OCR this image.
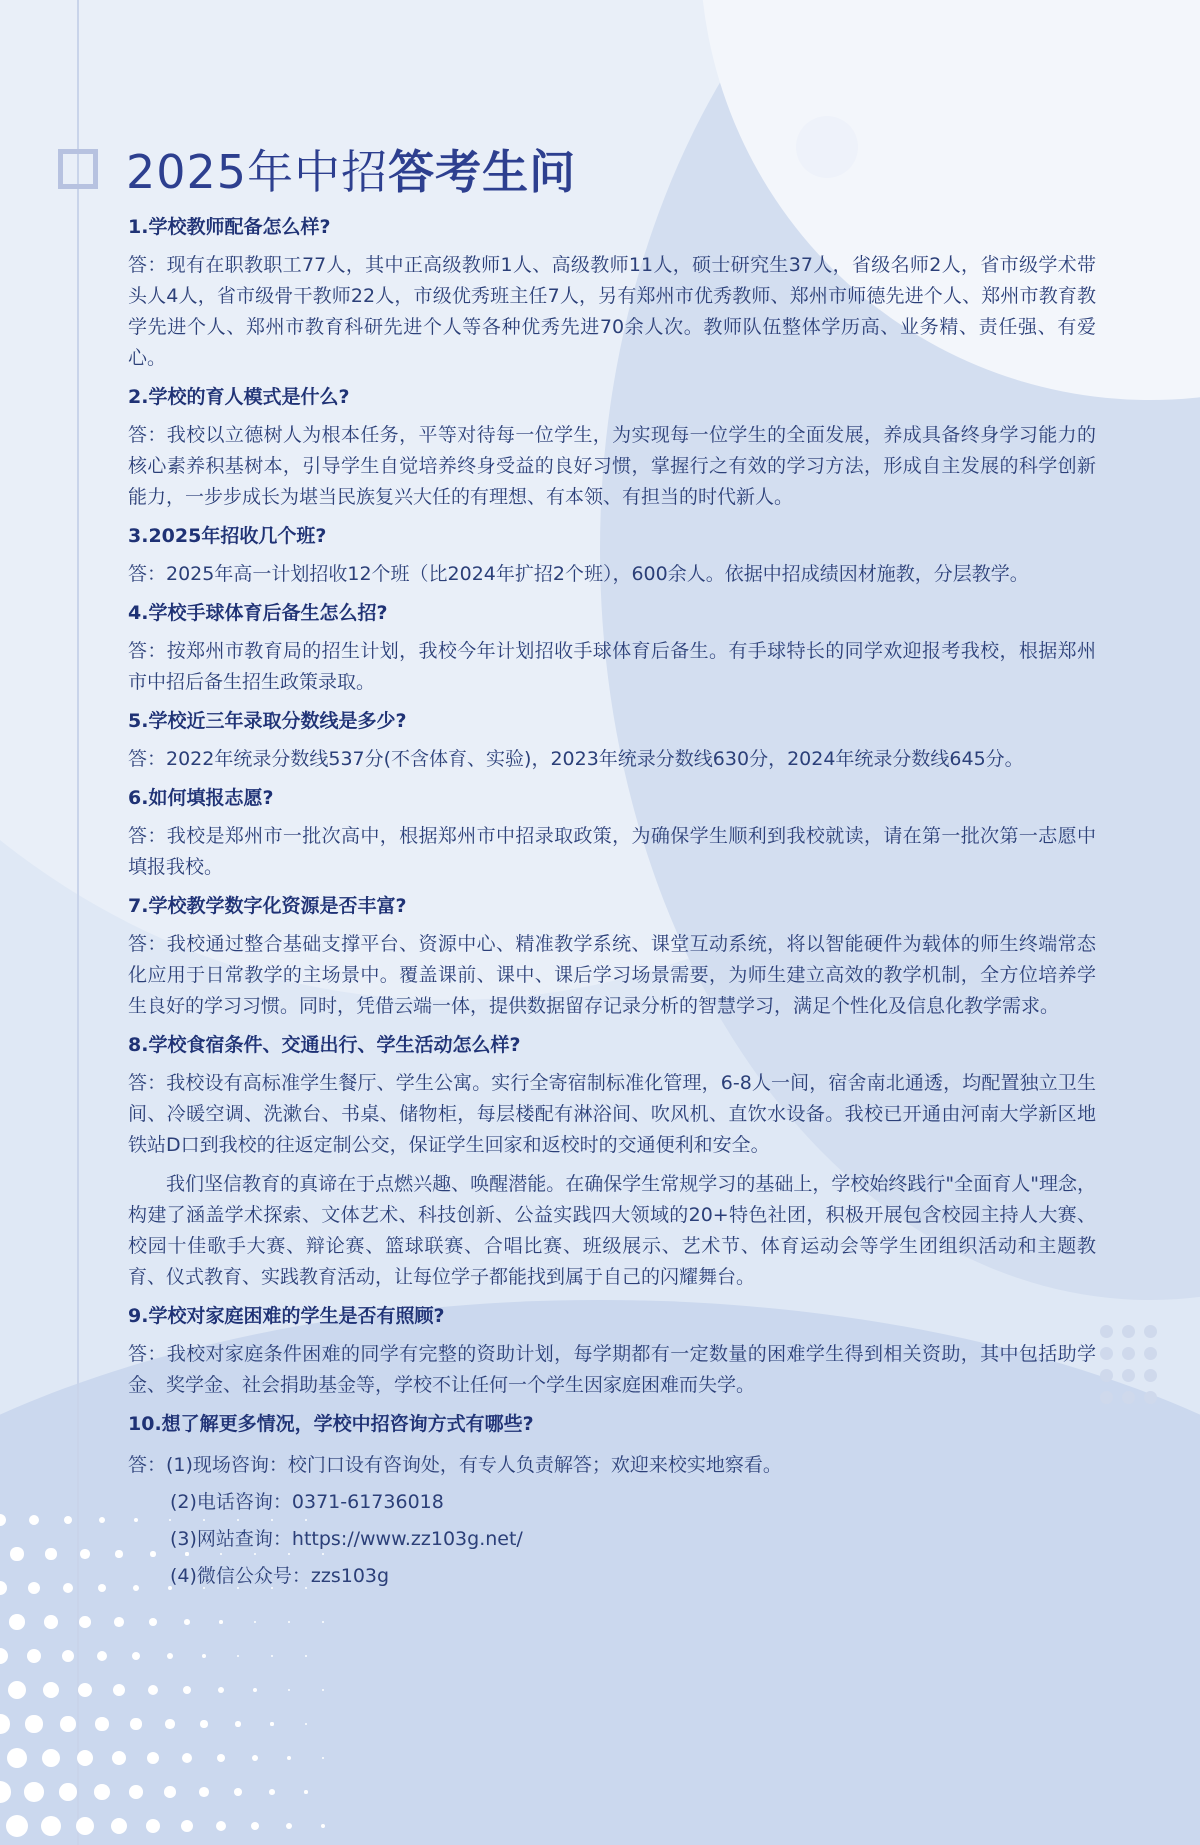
2025年中招答考生问
1.学校教师配备怎么样?
答：现有在职教职工77人，其中正高级教师1人、高级教师11人，硕士研究生37人，省级名师2人，省市级学术带头人4人，省市级骨干教师22人，市级优秀班主任7人，另有郑州市优秀教师、郑州市师德先进个人、郑州市教育教学先进个人、郑州市教育科研先进个人等各种优秀先进70余人次。教师队伍整体学历高、业务精、责任强、有爱心。
2.学校的育人模式是什么?
答：我校以立德树人为根本任务，平等对待每一位学生，为实现每一位学生的全面发展，养成具备终身学习能力的核心素养积基树本，引导学生自觉培养终身受益的良好习惯，掌握行之有效的学习方法，形成自主发展的科学创新能力，一步步成长为堪当民族复兴大任的有理想、有本领、有担当的时代新人。
3.2025年招收几个班?
答：2025年高一计划招收12个班（比2024年扩招2个班），600余人。依据中招成绩因材施教，分层教学。
4.学校手球体育后备生怎么招?
答：按郑州市教育局的招生计划，我校今年计划招收手球体育后备生。有手球特长的同学欢迎报考我校，根据郑州市中招后备生招生政策录取。
5.学校近三年录取分数线是多少?
答：2022年统录分数线537分(不含体育、实验)，2023年统录分数线630分，2024年统录分数线645分。
6.如何填报志愿?
答：我校是郑州市一批次高中，根据郑州市中招录取政策，为确保学生顺利到我校就读，请在第一批次第一志愿中填报我校。
7.学校教学数字化资源是否丰富?
答：我校通过整合基础支撑平台、资源中心、精准教学系统、课堂互动系统，将以智能硬件为载体的师生终端常态化应用于日常教学的主场景中。覆盖课前、课中、课后学习场景需要，为师生建立高效的教学机制，全方位培养学生良好的学习习惯。同时，凭借云端一体，提供数据留存记录分析的智慧学习，满足个性化及信息化教学需求。
8.学校食宿条件、交通出行、学生活动怎么样?
答：我校设有高标准学生餐厅、学生公寓。实行全寄宿制标准化管理，6-8人一间，宿舍南北通透，均配置独立卫生间、冷暖空调、洗漱台、书桌、储物柜，每层楼配有淋浴间、吹风机、直饮水设备。我校已开通由河南大学新区地铁站D口到我校的往返定制公交，保证学生回家和返校时的交通便利和安全。
我们坚信教育的真谛在于点燃兴趣、唤醒潜能。在确保学生常规学习的基础上，学校始终践行"全面育人"理念，构建了涵盖学术探索、文体艺术、科技创新、公益实践四大领域的20+特色社团，积极开展包含校园主持人大赛、校园十佳歌手大赛、辩论赛、篮球联赛、合唱比赛、班级展示、艺术节、体育运动会等学生团组织活动和主题教育、仪式教育、实践教育活动，让每位学子都能找到属于自己的闪耀舞台。
9.学校对家庭困难的学生是否有照顾?
答：我校对家庭条件困难的同学有完整的资助计划，每学期都有一定数量的困难学生得到相关资助，其中包括助学金、奖学金、社会捐助基金等，学校不让任何一个学生因家庭困难而失学。
10.想了解更多情况，学校中招咨询方式有哪些?
答：(1)现场咨询：校门口设有咨询处，有专人负责解答；欢迎来校实地察看。
(2)电话咨询：0371-61736018
(3)网站查询：https://www.zz103g.net/
(4)微信公众号：zzs103g
